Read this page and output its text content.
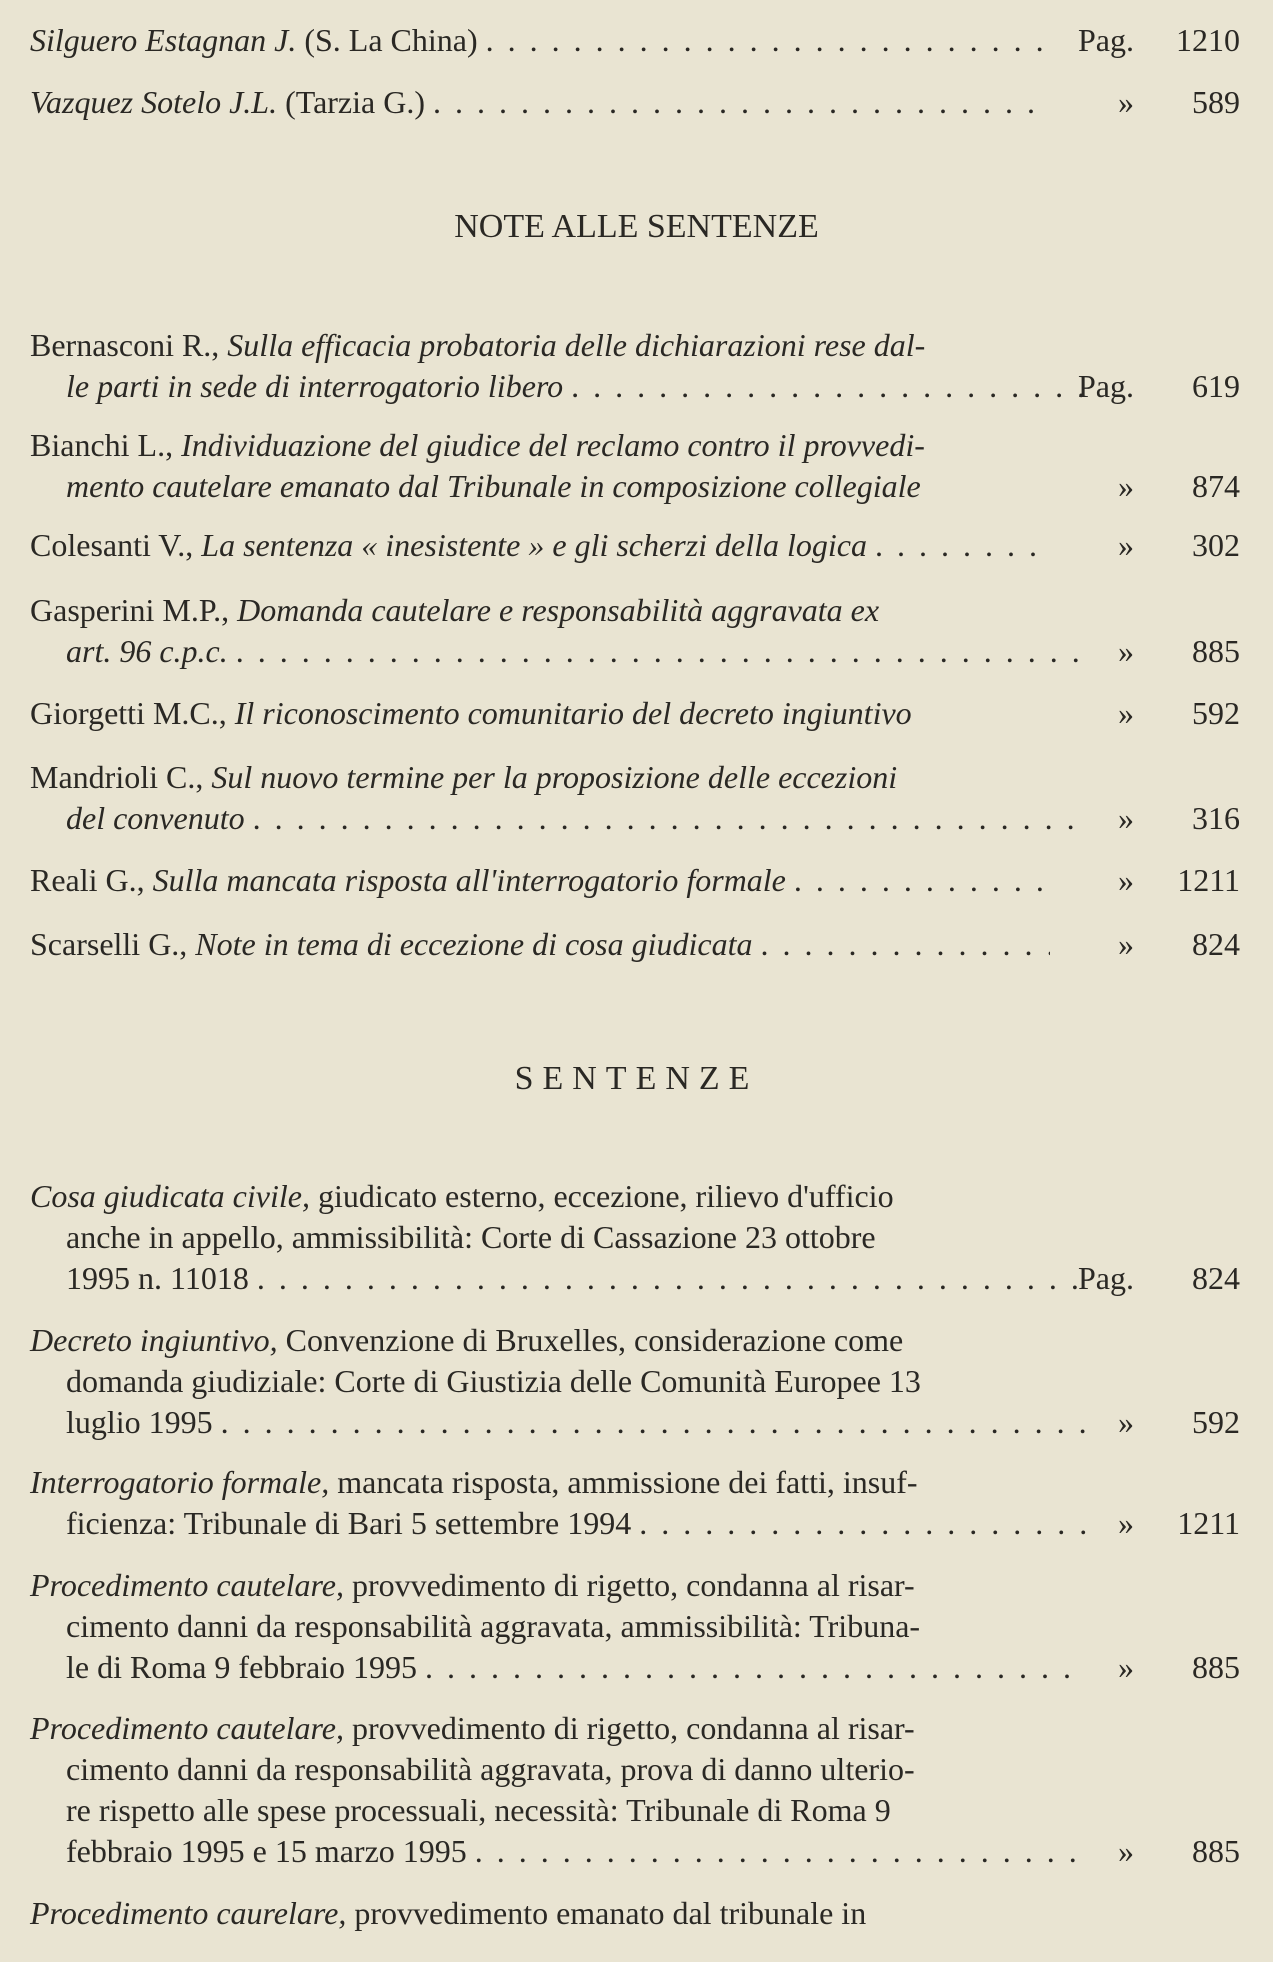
Silguero Estagnan J. (S. La China) . . .	Pag. 1210
Vazquez Sotelo J.L. (Tarzia G.) . . .	» 589
NOTE ALLE SENTENZE
Bernasconi R., Sulla efficacia probatoria delle dichiarazioni rese dal-
le parti in sede di interrogatorio libero . . .	Pag. 619
Bianchi L., Individuazione del giudice del reclamo contro il provvedi-
mento cautelare emanato dal Tribunale in composizione collegiale	» 874
Colesanti V., La sentenza « inesistente » e gli scherzi della logica . . .	» 302
Gasperini M.P., Domanda cautelare e responsabilità aggravata ex
art. 96 c.p.c. . . .	» 885
Giorgetti M.C., Il riconoscimento comunitario del decreto ingiuntivo	» 592
Mandrioli C., Sul nuovo termine per la proposizione delle eccezioni
del convenuto . . .	» 316
Reali G., Sulla mancata risposta all'interrogatorio formale . . .	» 1211
Scarselli G., Note in tema di eccezione di cosa giudicata . . .	» 824
SENTENZE
Cosa giudicata civile, giudicato esterno, eccezione, rilievo d'ufficio
anche in appello, ammissibilità: Corte di Cassazione 23 ottobre
1995 n. 11018 . . .	Pag. 824
Decreto ingiuntivo, Convenzione di Bruxelles, considerazione come
domanda giudiziale: Corte di Giustizia delle Comunità Europee 13
luglio 1995 . . .	» 592
Interrogatorio formale, mancata risposta, ammissione dei fatti, insuf-
ficienza: Tribunale di Bari 5 settembre 1994 . . .	» 1211
Procedimento cautelare, provvedimento di rigetto, condanna al risar-
cimento danni da responsabilità aggravata, ammissibilità: Tribuna-
le di Roma 9 febbraio 1995 . . .	» 885
Procedimento cautelare, provvedimento di rigetto, condanna al risar-
cimento danni da responsabilità aggravata, prova di danno ulterio-
re rispetto alle spese processuali, necessità: Tribunale di Roma 9
febbraio 1995 e 15 marzo 1995 . . .	» 885
Procedimento caurelare, provvedimento emanato dal tribunale in
